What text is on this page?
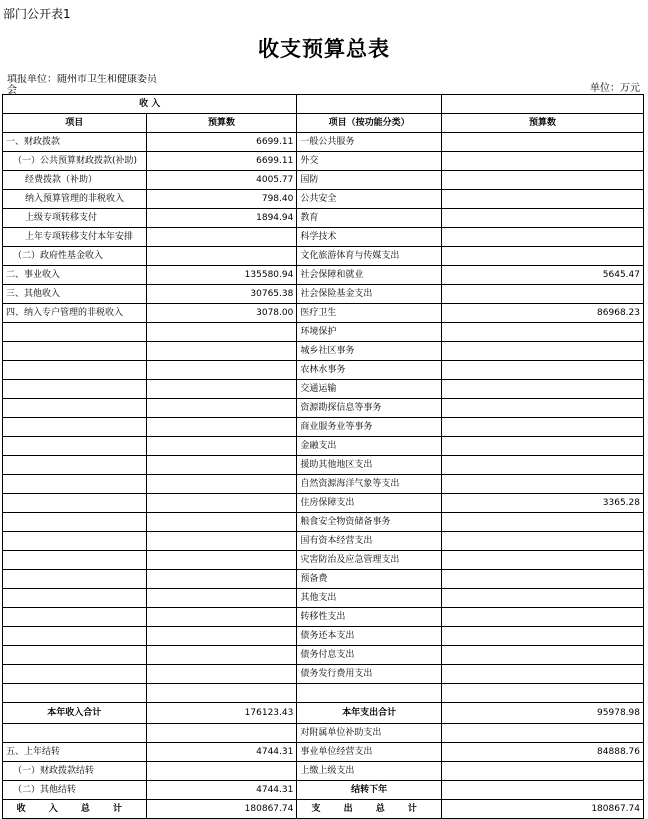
部门公开表1
收支预算总表
填报单位：随州市卫生和健康委员会	单位：万元
收 入			
项目	预算数	项目（按功能分类）	预算数
一、财政拨款	6699.11	一般公共服务	
（一）公共预算财政拨款(补助)	6699.11	外交	
经费拨款（补助）	4005.77	国防	
纳入预算管理的非税收入	798.40	公共安全	
上级专项转移支付	1894.94	教育	
上年专项转移支付本年安排		科学技术	
（二）政府性基金收入		文化旅游体育与传媒支出	
二、事业收入	135580.94	社会保障和就业	5645.47
三、其他收入	30765.38	社会保险基金支出	
四、纳入专户管理的非税收入	3078.00	医疗卫生	86968.23
		环境保护	
		城乡社区事务	
		农林水事务	
		交通运输	
		资源勘探信息等事务	
		商业服务业等事务	
		金融支出	
		援助其他地区支出	
		自然资源海洋气象等支出	
		住房保障支出	3365.28
		粮食安全物资储备事务	
		国有资本经营支出	
		灾害防治及应急管理支出	
		预备费	
		其他支出	
		转移性支出	
		债务还本支出	
		债务付息支出	
		债务发行费用支出	

本年收入合计	176123.43	本年支出合计	95978.98
		对附属单位补助支出	
五、上年结转	4744.31	事业单位经营支出	84888.76
（一）财政拨款结转		上缴上级支出	
（二）其他结转	4744.31	结转下年	
收 入 总 计	180867.74	支 出 总 计	180867.74
